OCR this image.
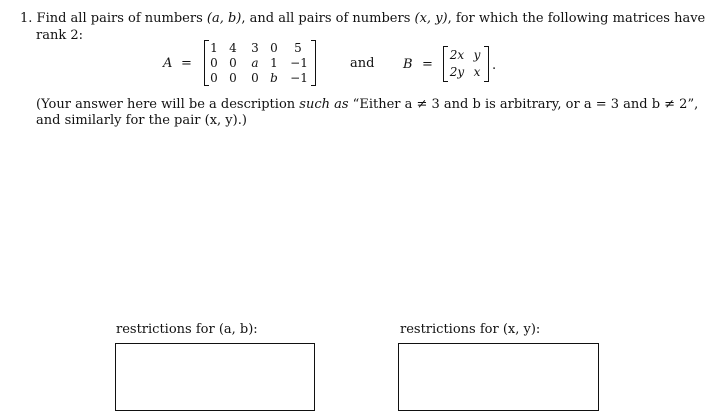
1. Find all pairs of numbers (a, b), and all pairs of numbers (x, y), for which the following matrices have
rank 2:
A =
1 4 3 0	5
0 0 a 1 −1
0 0 0 b −1
and B =
2x y
2y x .
(Your answer here will be a description such as “Either a ≠ 3 and b is arbitrary, or a = 3 and b ≠ 2”,
and similarly for the pair (x, y).)
restrictions for (a, b):	restrictions for (x, y):
